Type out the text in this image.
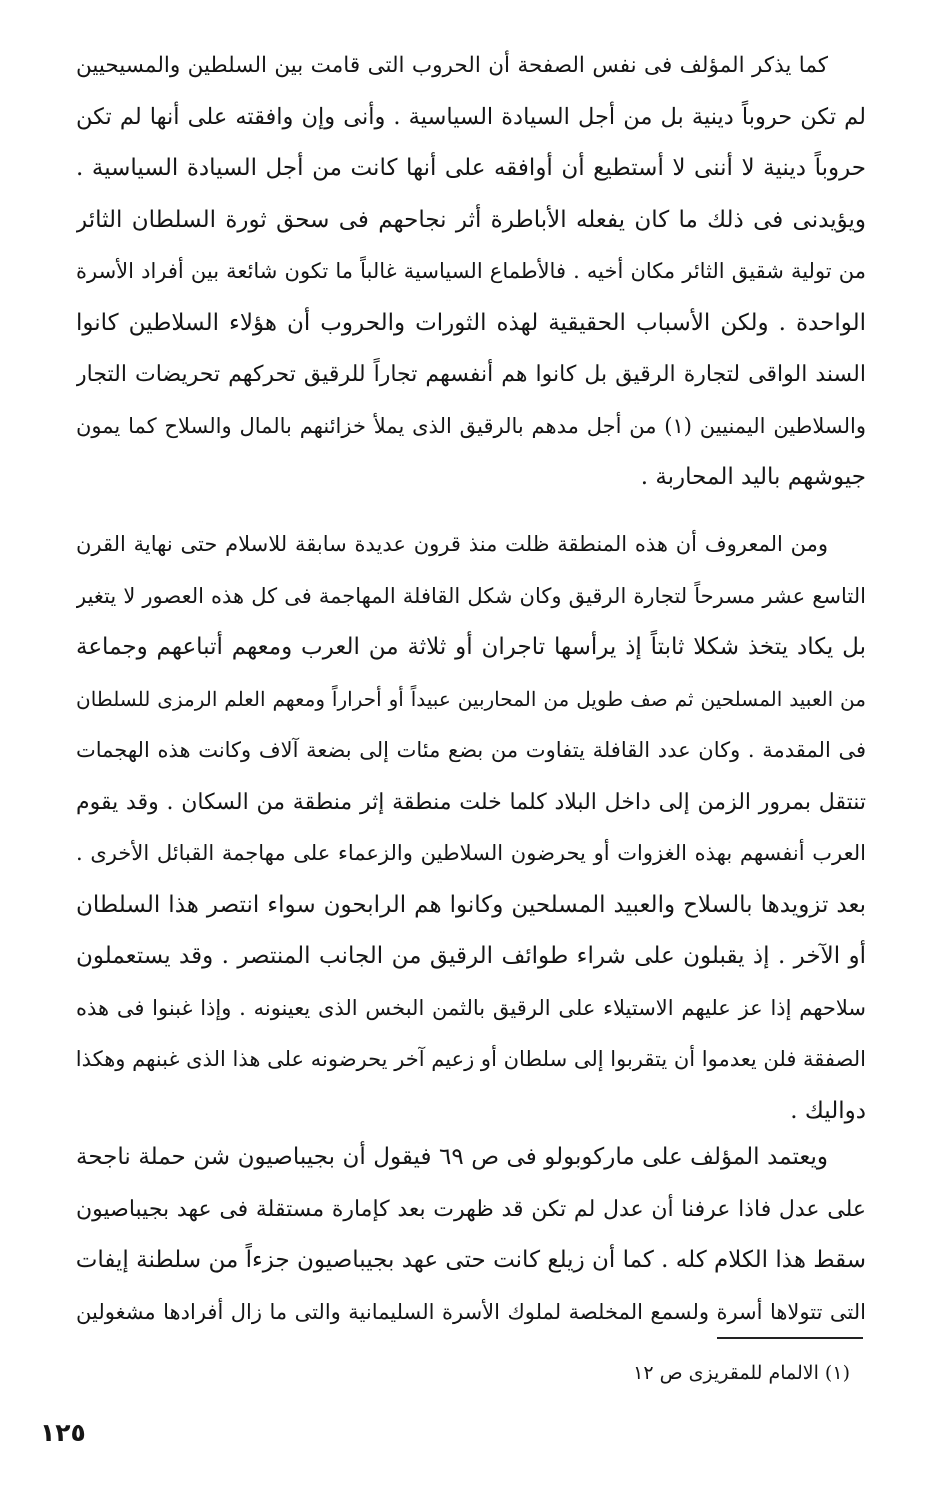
كما يذكر المؤلف فى نفس الصفحة أن الحروب التى قامت بين السلطين والمسيحيين
لم تكن حروباً دينية بل من أجل السيادة السياسية . وأنى وإن وافقته على أنها لم تكن
حروباً دينية لا أننى لا أستطيع أن أوافقه على أنها كانت من أجل السيادة السياسية .
ويؤيدنى فى ذلك ما كان يفعله الأباطرة أثر نجاحهم فى سحق ثورة السلطان الثائر
من تولية شقيق الثائر مكان أخيه . فالأطماع السياسية غالباً ما تكون شائعة بين أفراد الأسرة
الواحدة . ولكن الأسباب الحقيقية لهذه الثورات والحروب أن هؤلاء السلاطين كانوا
السند الواقى لتجارة الرقيق بل كانوا هم أنفسهم تجاراً للرقيق تحركهم تحريضات التجار
والسلاطين اليمنيين (١) من أجل مدهم بالرقيق الذى يملأ خزائنهم بالمال والسلاح كما يمون
جيوشهم باليد المحاربة .
ومن المعروف أن هذه المنطقة ظلت منذ قرون عديدة سابقة للاسلام حتى نهاية القرن
التاسع عشر مسرحاً لتجارة الرقيق وكان شكل القافلة المهاجمة فى كل هذه العصور لا يتغير
بل يكاد يتخذ شكلا ثابتاً إذ يرأسها تاجران أو ثلاثة من العرب ومعهم أتباعهم وجماعة
من العبيد المسلحين ثم صف طويل من المحاربين عبيداً أو أحراراً ومعهم العلم الرمزى للسلطان
فى المقدمة . وكان عدد القافلة يتفاوت من بضع مئات إلى بضعة آلاف وكانت هذه الهجمات
تنتقل بمرور الزمن إلى داخل البلاد كلما خلت منطقة إثر منطقة من السكان . وقد يقوم
العرب أنفسهم بهذه الغزوات أو يحرضون السلاطين والزعماء على مهاجمة القبائل الأخرى .
بعد تزويدها بالسلاح والعبيد المسلحين وكانوا هم الرابحون سواء انتصر هذا السلطان
أو الآخر . إذ يقبلون على شراء طوائف الرقيق من الجانب المنتصر . وقد يستعملون
سلاحهم إذا عز عليهم الاستيلاء على الرقيق بالثمن البخس الذى يعينونه . وإذا غبنوا فى هذه
الصفقة فلن يعدموا أن يتقربوا إلى سلطان أو زعيم آخر يحرضونه على هذا الذى غبنهم وهكذا
دواليك .
ويعتمد المؤلف على ماركوبولو فى ص ٦٩ فيقول أن بجيباصيون شن حملة ناجحة
على عدل فاذا عرفنا أن عدل لم تكن قد ظهرت بعد كإمارة مستقلة فى عهد بجيباصيون
سقط هذا الكلام كله . كما أن زيلع كانت حتى عهد بجيباصيون جزءاً من سلطنة إيفات
التى تتولاها أسرة ولسمع المخلصة لملوك الأسرة السليمانية والتى ما زال أفرادها مشغولين
(١) الالمام للمقريزى ص ١٢
١٢٥
